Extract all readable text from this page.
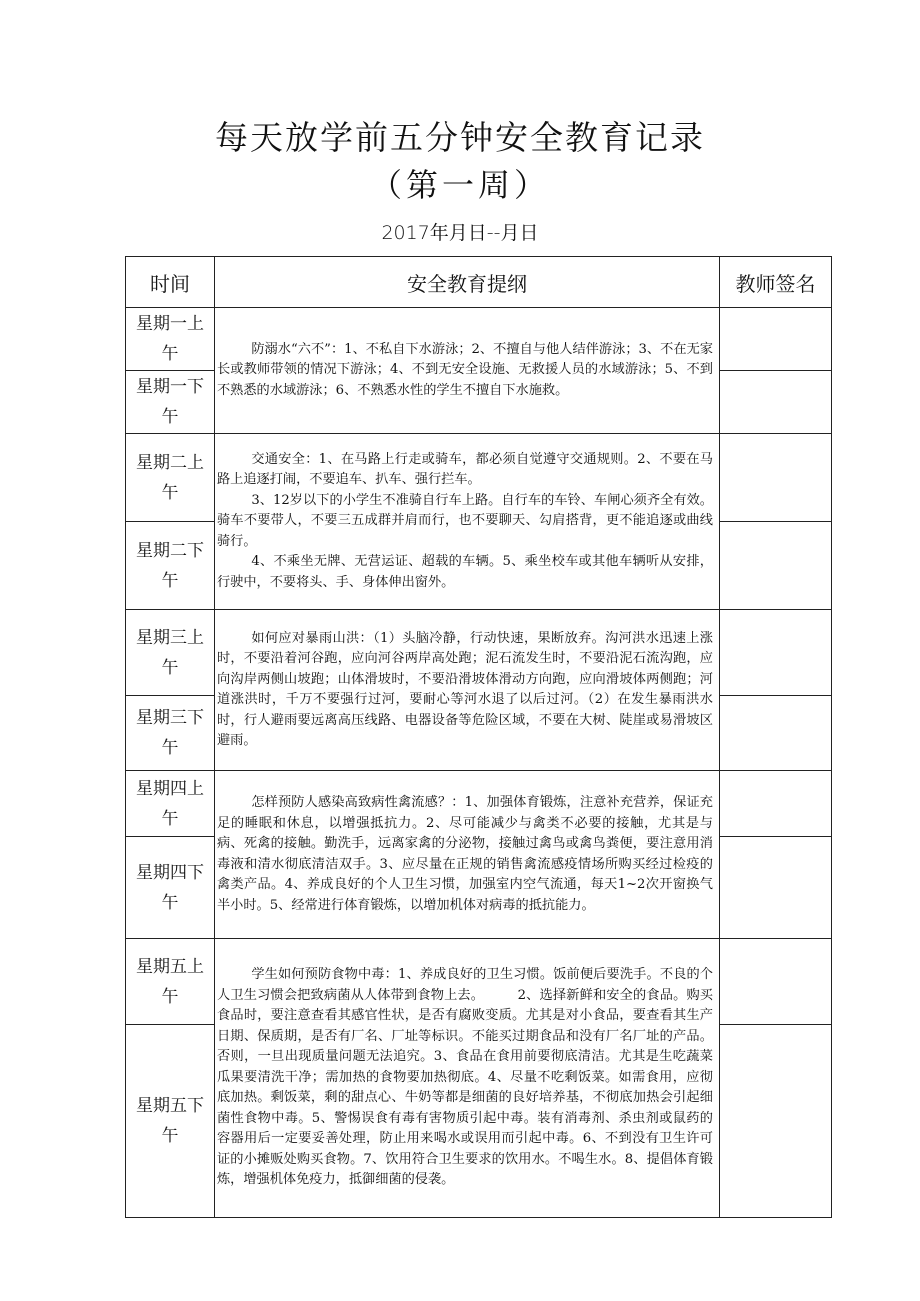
每天放学前五分钟安全教育记录
（第一周）
2017年月日--月日
时间	安全教育提纲	教师签名
星期一上午	防溺水“六不”：1、不私自下水游泳；2、不擅自与他人结伴游泳；3、不在无家长或教师带领的情况下游泳；4、不到无安全设施、无救援人员的水域游泳；5、不到不熟悉的水域游泳；6、不熟悉水性的学生不擅自下水施救。	

星期一下午		
星期二上午	交通安全：1、在马路上行走或骑车，都必须自觉遵守交通规则。2、不要在马路上追逐打闹，不要追车、扒车、强行拦车。

3、12岁以下的小学生不准骑自行车上路。自行车的车铃、车闸心须齐全有效。骑车不要带人，不要三五成群并肩而行，也不要聊天、勾肩搭背，更不能追逐或曲线骑行。

4、不乘坐无牌、无营运证、超载的车辆。5、乘坐校车或其他车辆听从安排，行驶中，不要将头、手、身体伸出窗外。	

星期二下午		
星期三上午	如何应对暴雨山洪：（1）头脑冷静，行动快速，果断放弃。沟河洪水迅速上涨时，不要沿着河谷跑，应向河谷两岸高处跑；泥石流发生时，不要沿泥石流沟跑，应向沟岸两侧山坡跑；山体滑坡时，不要沿滑坡体滑动方向跑，应向滑坡体两侧跑；河道涨洪时，千万不要强行过河，要耐心等河水退了以后过河。（2）在发生暴雨洪水时，行人避雨要远离高压线路、电器设备等危险区域，不要在大树、陡崖或易滑坡区避雨。	

星期三下午		
星期四上午	怎样预防人感染高致病性禽流感？：1、加强体育锻炼，注意补充营养，保证充足的睡眠和休息，以增强抵抗力。2、尽可能减少与禽类不必要的接触，尤其是与病、死禽的接触。勤洗手，远离家禽的分泌物，接触过禽鸟或禽鸟粪便，要注意用消毒液和清水彻底清洁双手。3、应尽量在正规的销售禽流感疫情场所购买经过检疫的禽类产品。4、养成良好的个人卫生习惯，加强室内空气流通，每天1~2次开窗换气半小时。5、经常进行体育锻炼，以增加机体对病毒的抵抗能力。	

星期四下午		
星期五上午	学生如何预防食物中毒：1、养成良好的卫生习惯。饭前便后要洗手。不良的个人卫生习惯会把致病菌从人体带到食物上去。　　　2、选择新鲜和安全的食品。购买食品时，要注意查看其感官性状，是否有腐败变质。尤其是对小食品，要查看其生产日期、保质期，是否有厂名、厂址等标识。不能买过期食品和没有厂名厂址的产品。否则，一旦出现质量问题无法追究。3、食品在食用前要彻底清洁。尤其是生吃蔬菜瓜果要清洗干净；需加热的食物要加热彻底。4、尽量不吃剩饭菜。如需食用，应彻底加热。剩饭菜，剩的甜点心、牛奶等都是细菌的良好培养基，不彻底加热会引起细菌性食物中毒。5、警惕误食有毒有害物质引起中毒。装有消毒剂、杀虫剂或鼠药的容器用后一定要妥善处理，防止用来喝水或误用而引起中毒。6、不到没有卫生许可证的小摊贩处购买食物。7、饮用符合卫生要求的饮用水。不喝生水。8、提倡体育锻炼，增强机体免疫力，抵御细菌的侵袭。	

星期五下午		
